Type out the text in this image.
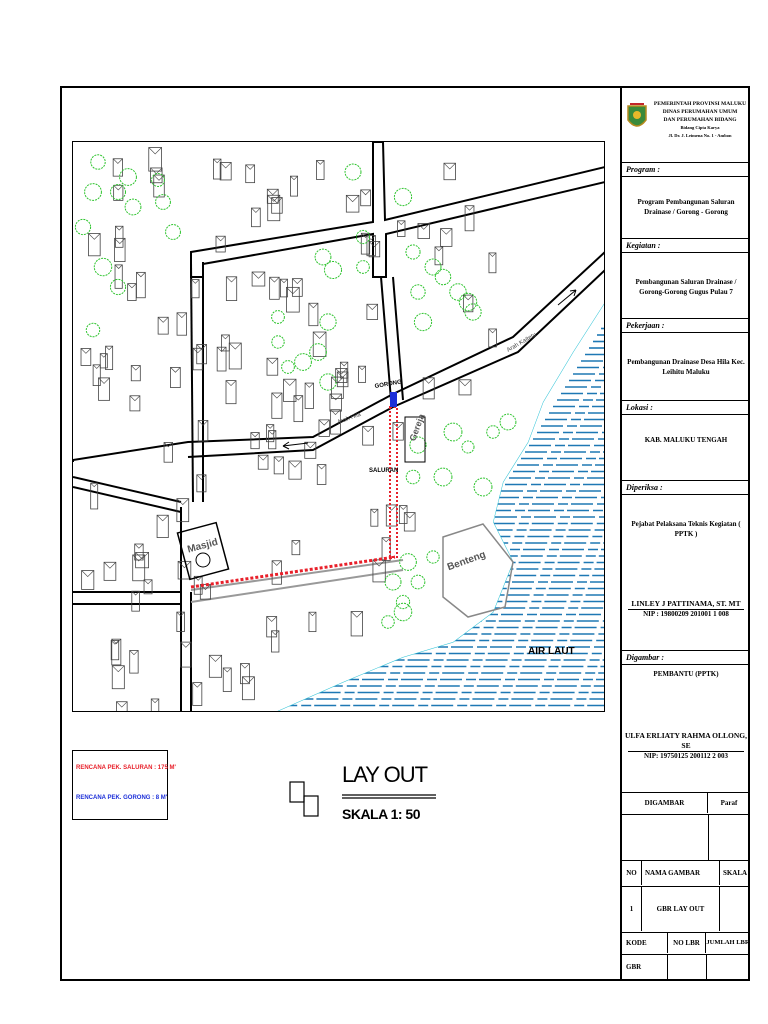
GORONG
SALURAN
Gereja
Masjid
Benteng
AIR LAUT
Arah Kaitetu
Arah Hila
RENCANA PEK. SALURAN : 175 M'
RENCANA PEK. GORONG : 8 M'
LAY OUT
SKALA 1: 50
PEMERINTAH PROVINSI MALUKU
DINAS PERUMAHAN UMUM
DAN PERUMAHAN BIDANG
Bidang Cipta Karya
Jl. Dr. J. Leimena No. 1 - Ambon
Program :
Program Pembangunan Saluran Drainase / Gorong - Gorong
Kegiatan :
Pembangunan Saluran Drainase / Gorong-Gorong Gugus Pulau 7
Pekerjaan :
Pembangunan Drainase Desa Hila Kec. Leihitu Maluku
Lokasi :
KAB. MALUKU TENGAH
Diperiksa :
Pejabat Pelaksana Teknis Kegiatan ( PPTK )
LINLEY J PATTINAMA, ST. MT
NIP : 19800209 201001 1 008
Digambar :
PEMBANTU (PPTK)
ULFA ERLIATY RAHMA OLLONG, SE
NIP: 19750125 200112 2 003
DIGAMBAR	Paraf
NO	NAMA GAMBAR	SKALA
1	GBR LAY OUT
KODE	NO LBR	JUMLAH LBR
GBR
